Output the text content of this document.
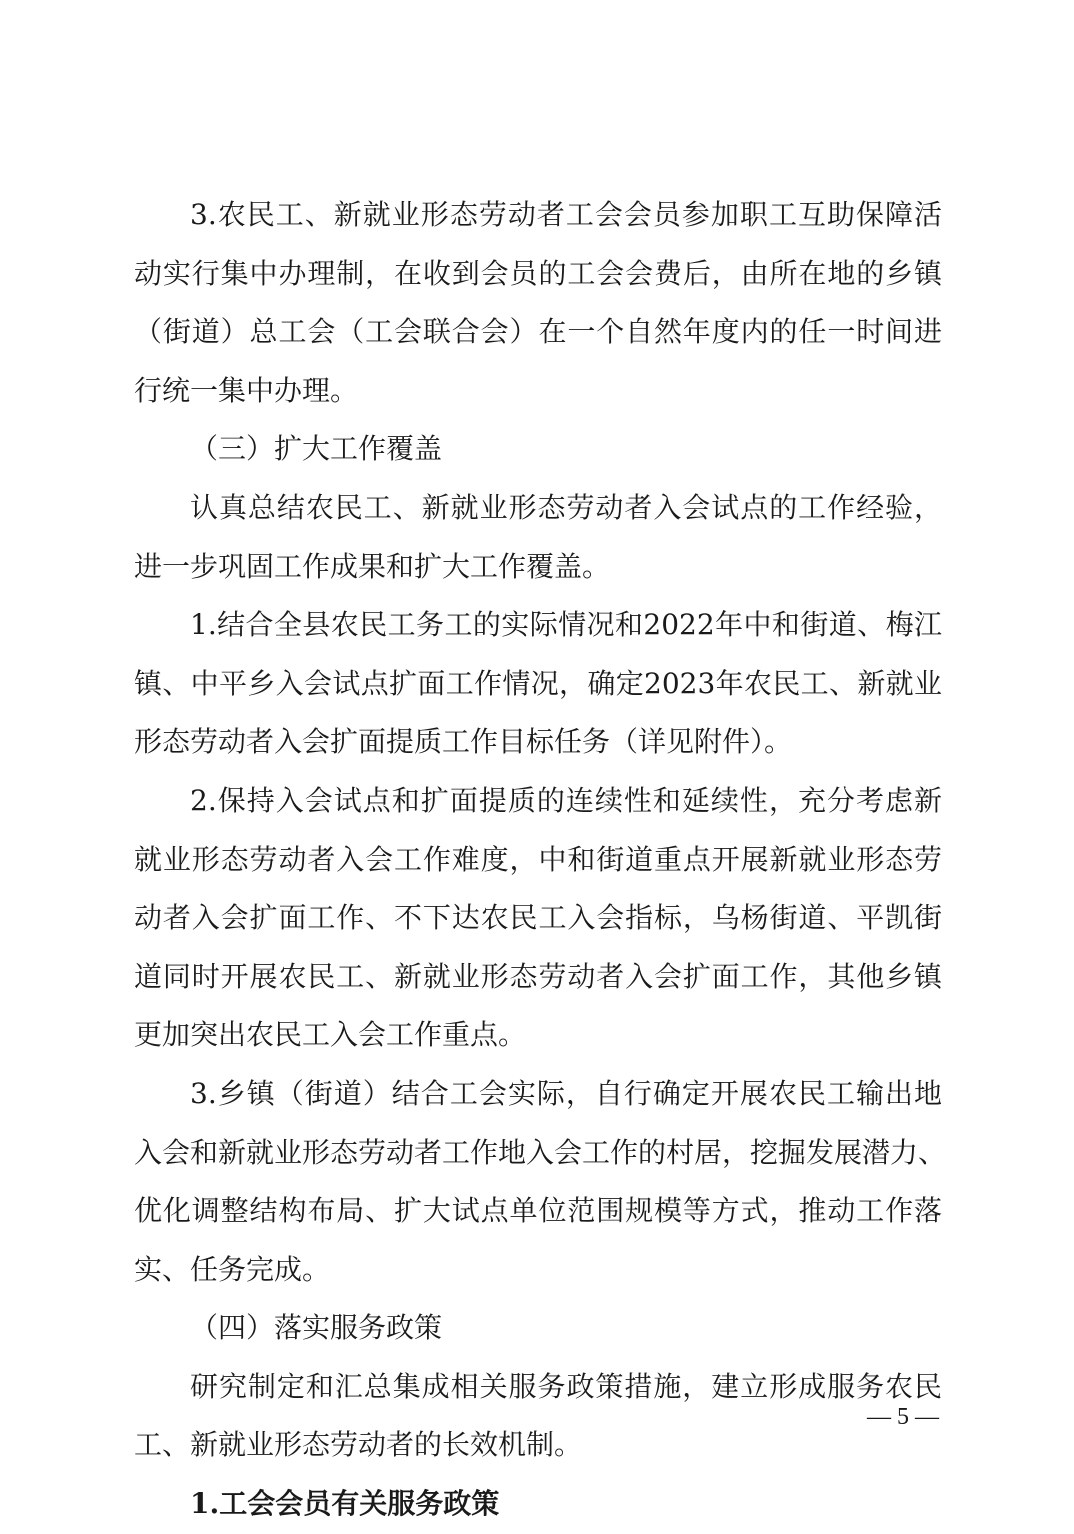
3.农民工、新就业形态劳动者工会会员参加职工互助保障活
动实行集中办理制，在收到会员的工会会费后，由所在地的乡镇
（街道）总工会（工会联合会）在一个自然年度内的任一时间进
行统一集中办理。
（三）扩大工作覆盖
认真总结农民工、新就业形态劳动者入会试点的工作经验，
进一步巩固工作成果和扩大工作覆盖。
1.结合全县农民工务工的实际情况和2022年中和街道、梅江
镇、中平乡入会试点扩面工作情况，确定2023年农民工、新就业
形态劳动者入会扩面提质工作目标任务（详见附件）。
2.保持入会试点和扩面提质的连续性和延续性，充分考虑新
就业形态劳动者入会工作难度，中和街道重点开展新就业形态劳
动者入会扩面工作、不下达农民工入会指标，乌杨街道、平凯街
道同时开展农民工、新就业形态劳动者入会扩面工作，其他乡镇
更加突出农民工入会工作重点。
3.乡镇（街道）结合工会实际，自行确定开展农民工输出地
入会和新就业形态劳动者工作地入会工作的村居，挖掘发展潜力、
优化调整结构布局、扩大试点单位范围规模等方式，推动工作落
实、任务完成。
（四）落实服务政策
研究制定和汇总集成相关服务政策措施，建立形成服务农民
工、新就业形态劳动者的长效机制。
1.工会会员有关服务政策
— 5 —
